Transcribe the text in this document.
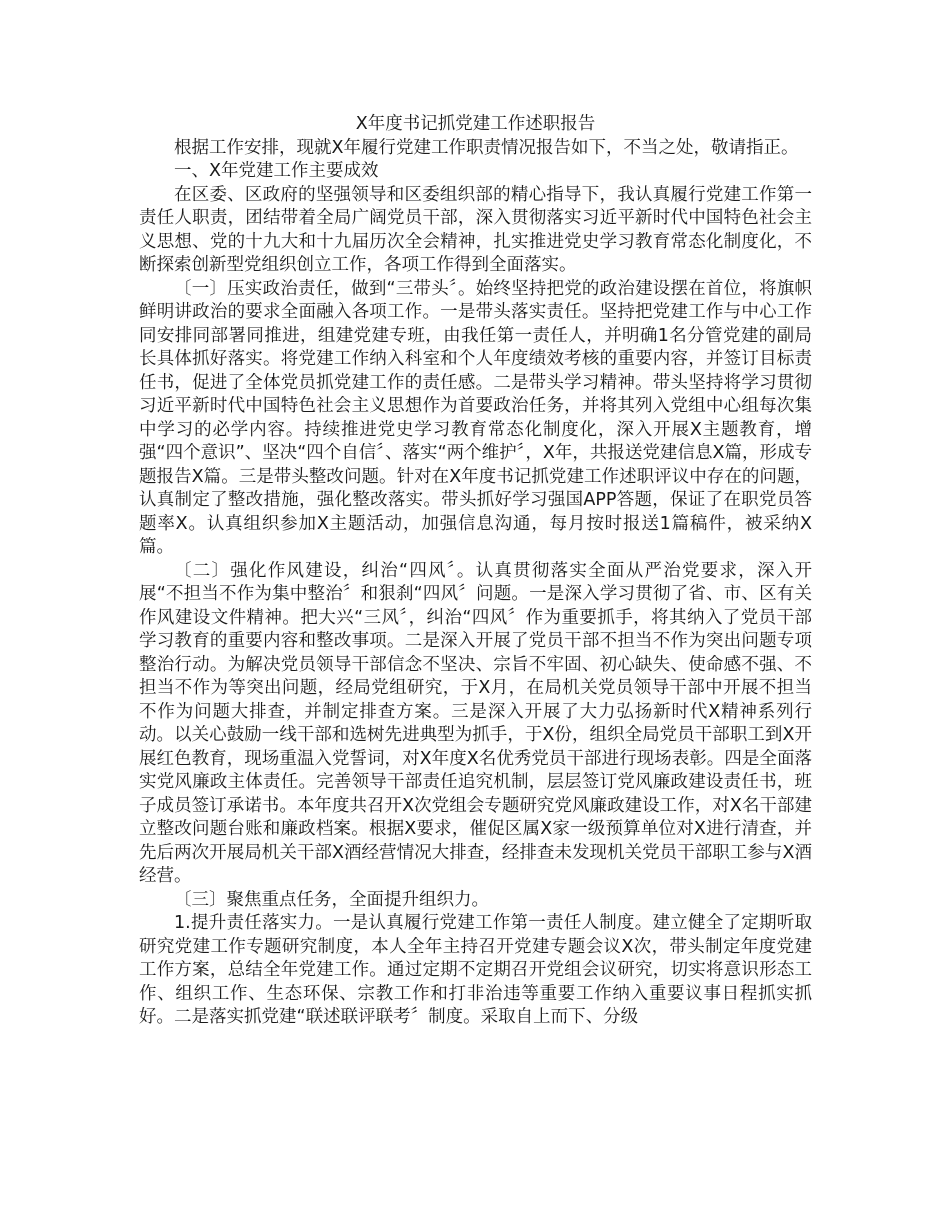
X年度书记抓党建工作述职报告

根据工作安排，现就X年履行党建工作职责情况报告如下，不当之处，敬请指正。

一、X年党建工作主要成效

在区委、区政府的坚强领导和区委组织部的精心指导下，我认真履行党建工作第一责任人职责，团结带着全局广阔党员干部，深入贯彻落实习近平新时代中国特色社会主义思想、党的十九大和十九届历次全会精神，扎实推进党史学习教育常态化制度化，不断探索创新型党组织创立工作，各项工作得到全面落实。

〔一〕压实政治责任，做到“三带头〞。始终坚持把党的政治建设摆在首位，将旗帜鲜明讲政治的要求全面融入各项工作。一是带头落实责任。坚持把党建工作与中心工作同安排同部署同推进，组建党建专班，由我任第一责任人，并明确1名分管党建的副局长具体抓好落实。将党建工作纳入科室和个人年度绩效考核的重要内容，并签订目标责任书，促进了全体党员抓党建工作的责任感。二是带头学习精神。带头坚持将学习贯彻习近平新时代中国特色社会主义思想作为首要政治任务，并将其列入党组中心组每次集中学习的必学内容。持续推进党史学习教育常态化制度化，深入开展X主题教育，增强“四个意识”、坚决“四个自信〞、落实“两个维护〞，X年，共报送党建信息X篇，形成专题报告X篇。三是带头整改问题。针对在X年度书记抓党建工作述职评议中存在的问题，认真制定了整改措施，强化整改落实。带头抓好学习强国APP答题，保证了在职党员答题率X。认真组织参加X主题活动，加强信息沟通，每月按时报送1篇稿件，被采纳X篇。

〔二〕强化作风建设，纠治“四风〞。认真贯彻落实全面从严治党要求，深入开展“不担当不作为集中整治〞和狠刹“四风〞问题。一是深入学习贯彻了省、市、区有关作风建设文件精神。把大兴“三风〞，纠治“四风〞作为重要抓手，将其纳入了党员干部学习教育的重要内容和整改事项。二是深入开展了党员干部不担当不作为突出问题专项整治行动。为解决党员领导干部信念不坚决、宗旨不牢固、初心缺失、使命感不强、不担当不作为等突出问题，经局党组研究，于X月，在局机关党员领导干部中开展不担当不作为问题大排查，并制定排查方案。三是深入开展了大力弘扬新时代X精神系列行动。以关心鼓励一线干部和选树先进典型为抓手，于X份，组织全局党员干部职工到X开展红色教育，现场重温入党誓词，对X年度X名优秀党员干部进行现场表彰。四是全面落实党风廉政主体责任。完善领导干部责任追究机制，层层签订党风廉政建设责任书，班子成员签订承诺书。本年度共召开X次党组会专题研究党风廉政建设工作，对X名干部建立整改问题台账和廉政档案。根据X要求，催促区属X家一级预算单位对X进行清查，并先后两次开展局机关干部X酒经营情况大排查，经排查未发现机关党员干部职工参与X酒经营。

〔三〕聚焦重点任务，全面提升组织力。

1.提升责任落实力。一是认真履行党建工作第一责任人制度。建立健全了定期听取研究党建工作专题研究制度，本人全年主持召开党建专题会议X次，带头制定年度党建工作方案，总结全年党建工作。通过定期不定期召开党组会议研究，切实将意识形态工作、组织工作、生态环保、宗教工作和打非治违等重要工作纳入重要议事日程抓实抓好。二是落实抓党建“联述联评联考〞制度。采取自上而下、分级
